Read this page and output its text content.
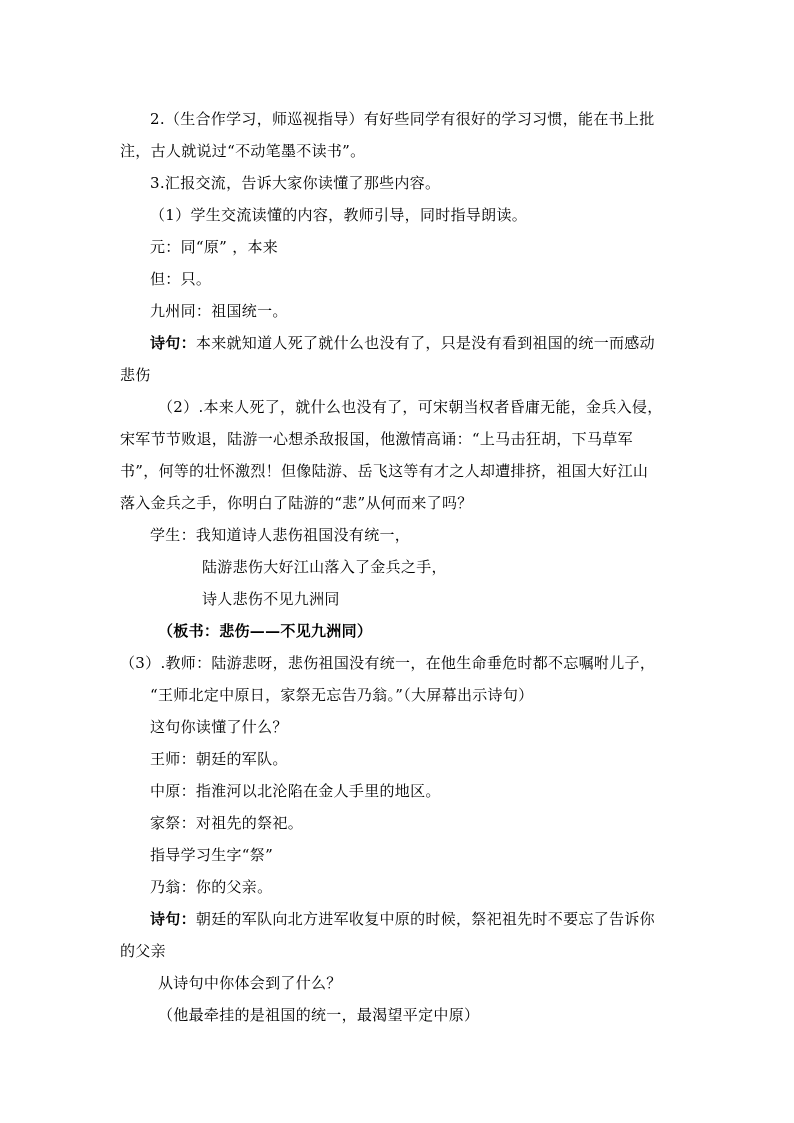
2.（生合作学习，师巡视指导）有好些同学有很好的学习习惯，能在书上批
注，古人就说过“不动笔墨不读书”。
3.汇报交流，告诉大家你读懂了那些内容。
（1）学生交流读懂的内容，教师引导，同时指导朗读。
元：同“原” ，本来
但：只。
九州同：祖国统一。
诗句：本来就知道人死了就什么也没有了，只是没有看到祖国的统一而感动
悲伤
（2）.本来人死了，就什么也没有了，可宋朝当权者昏庸无能，金兵入侵，
宋军节节败退，陆游一心想杀敌报国，他激情高诵：“上马击狂胡，下马草军
书”，何等的壮怀激烈！但像陆游、岳飞这等有才之人却遭排挤，祖国大好江山
落入金兵之手，你明白了陆游的“悲”从何而来了吗？
学生：我知道诗人悲伤祖国没有统一，
陆游悲伤大好江山落入了金兵之手，
诗人悲伤不见九洲同
（板书：悲伤——不见九洲同）
（3）.教师：陆游悲呀，悲伤祖国没有统一，在他生命垂危时都不忘嘱咐儿子，
“王师北定中原日，家祭无忘告乃翁。”（大屏幕出示诗句）
这句你读懂了什么？
王师：朝廷的军队。
中原：指淮河以北沦陷在金人手里的地区。
家祭：对祖先的祭祀。
指导学习生字“祭”
乃翁：你的父亲。
诗句：朝廷的军队向北方进军收复中原的时候，祭祀祖先时不要忘了告诉你
的父亲
从诗句中你体会到了什么？
（他最牵挂的是祖国的统一，最渴望平定中原）
